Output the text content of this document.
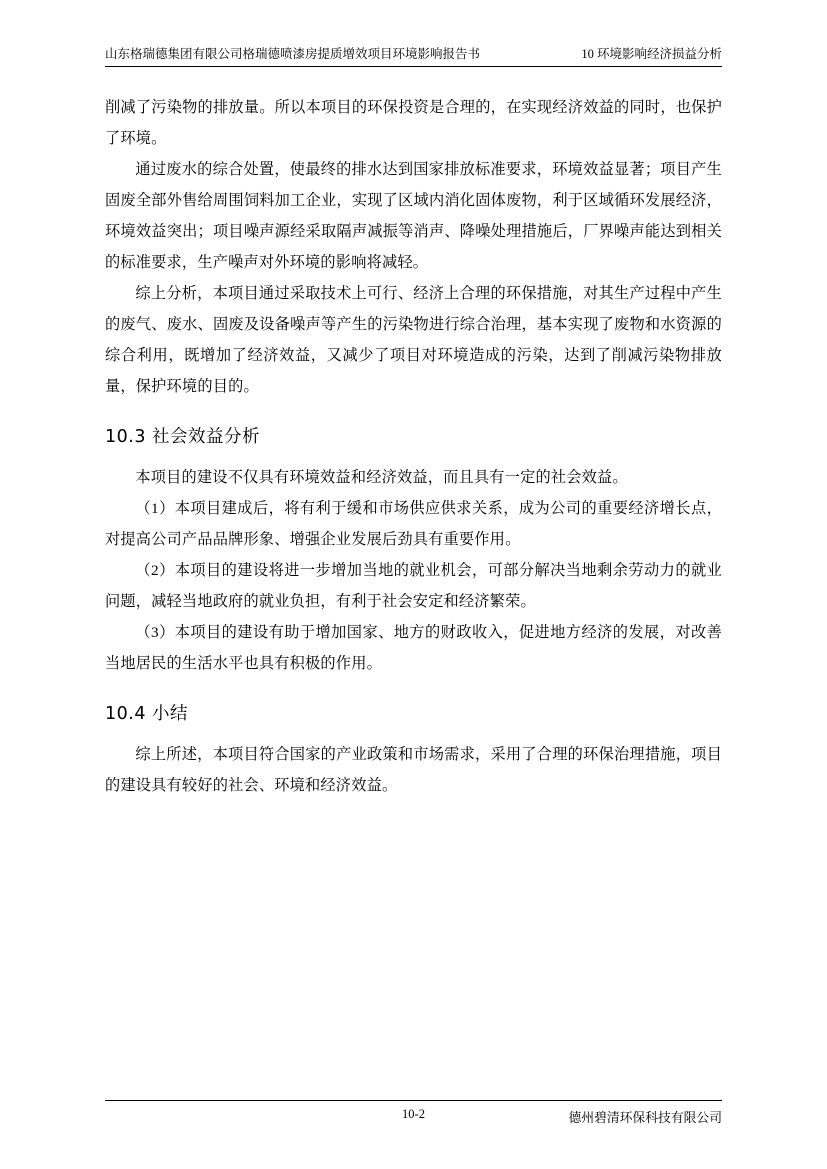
山东格瑞德集团有限公司格瑞德喷漆房提质增效项目环境影响报告书	10 环境影响经济损益分析

削减了污染物的排放量。所以本项目的环保投资是合理的，在实现经济效益的同时，也保护了环境。

通过废水的综合处置，使最终的排水达到国家排放标准要求，环境效益显著；项目产生固废全部外售给周围饲料加工企业，实现了区域内消化固体废物，利于区域循环发展经济，环境效益突出；项目噪声源经采取隔声减振等消声、降噪处理措施后，厂界噪声能达到相关的标准要求，生产噪声对外环境的影响将减轻。

综上分析，本项目通过采取技术上可行、经济上合理的环保措施，对其生产过程中产生的废气、废水、固废及设备噪声等产生的污染物进行综合治理，基本实现了废物和水资源的综合利用，既增加了经济效益，又减少了项目对环境造成的污染，达到了削减污染物排放量，保护环境的目的。

10.3 社会效益分析

本项目的建设不仅具有环境效益和经济效益，而且具有一定的社会效益。

（1）本项目建成后，将有利于缓和市场供应供求关系，成为公司的重要经济增长点，对提高公司产品品牌形象、增强企业发展后劲具有重要作用。

（2）本项目的建设将进一步增加当地的就业机会，可部分解决当地剩余劳动力的就业问题，减轻当地政府的就业负担，有利于社会安定和经济繁荣。

（3）本项目的建设有助于增加国家、地方的财政收入，促进地方经济的发展，对改善当地居民的生活水平也具有积极的作用。

10.4 小结

综上所述，本项目符合国家的产业政策和市场需求，采用了合理的环保治理措施，项目的建设具有较好的社会、环境和经济效益。

10-2	德州碧清环保科技有限公司
